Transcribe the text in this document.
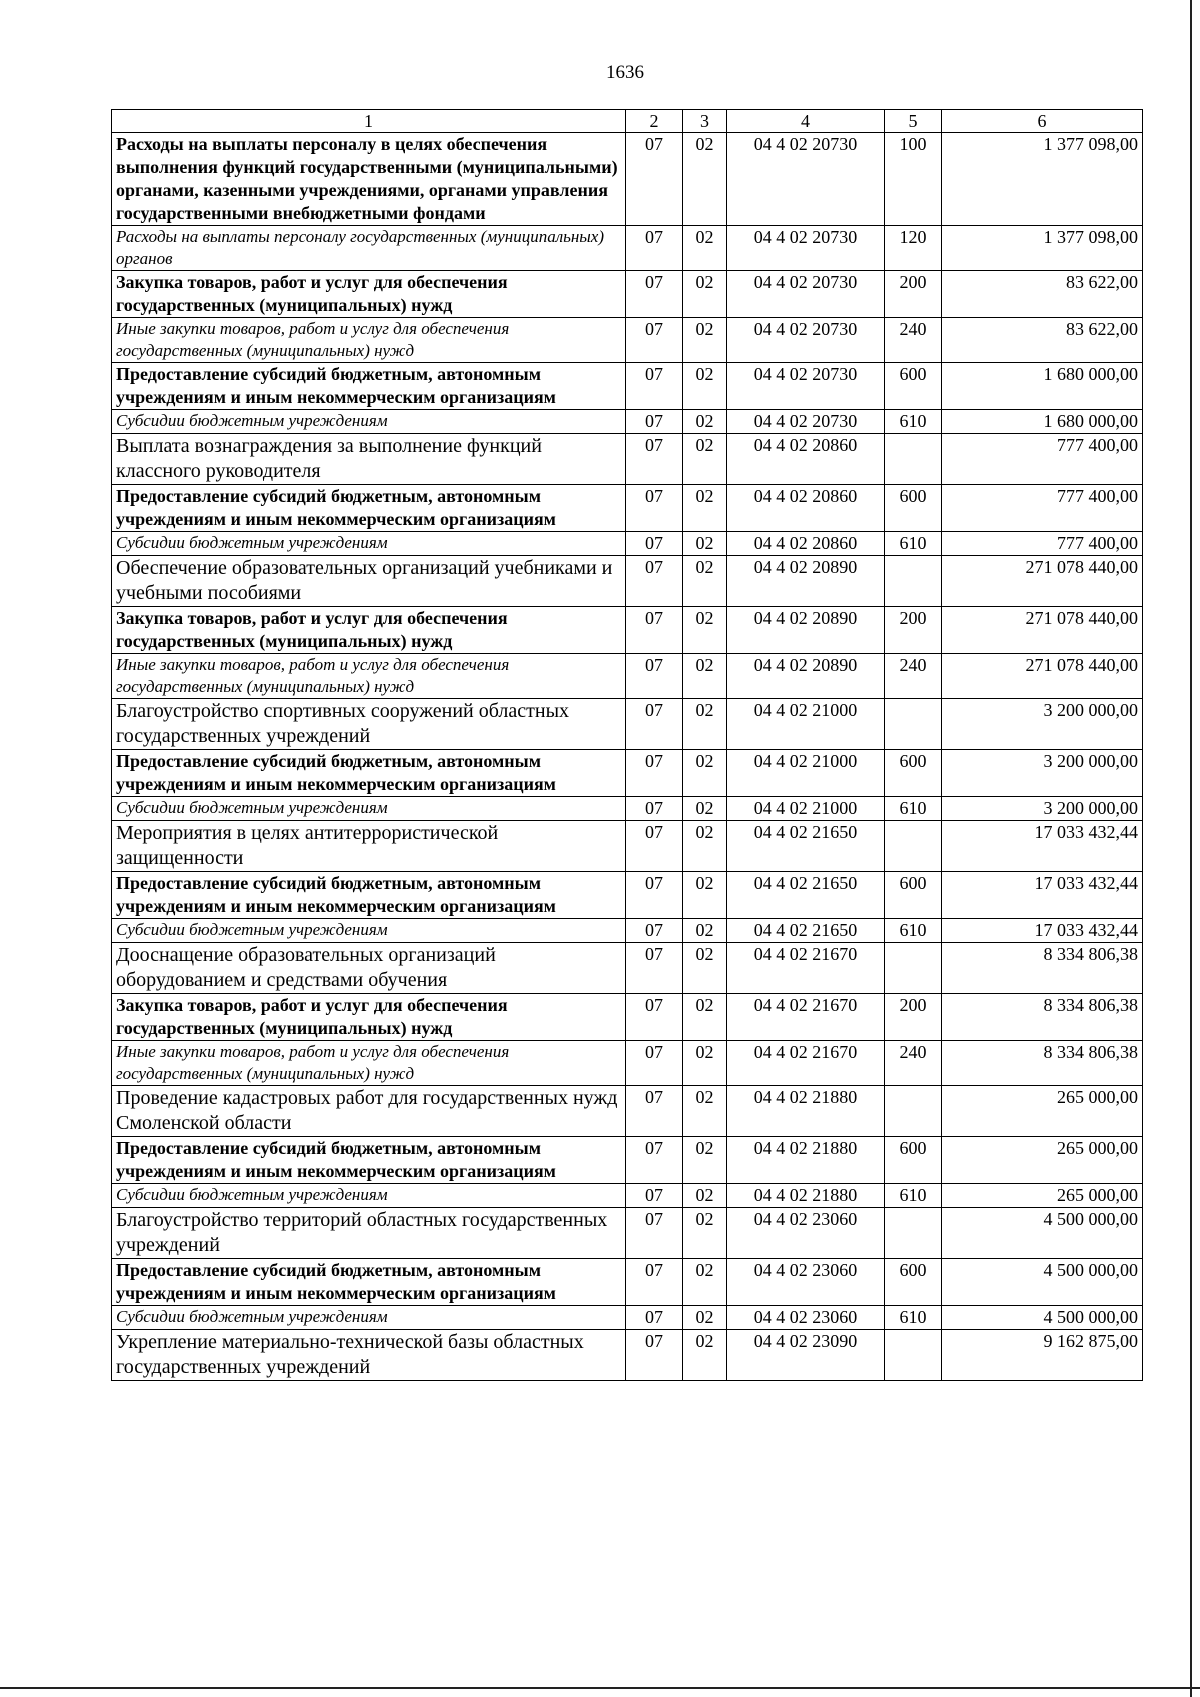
1636
1	2	3	4	5	6
Расходы на выплаты персоналу в целях обеспечения выполнения функций государственными (муниципальными) органами, казенными учреждениями, органами управления государственными внебюджетными фондами	07	02	04 4 02 20730	100	1 377 098,00
Расходы на выплаты персоналу государственных (муниципальных) органов	07	02	04 4 02 20730	120	1 377 098,00
Закупка товаров, работ и услуг для обеспечения государственных (муниципальных) нужд	07	02	04 4 02 20730	200	83 622,00
Иные закупки товаров, работ и услуг для обеспечения государственных (муниципальных) нужд	07	02	04 4 02 20730	240	83 622,00
Предоставление субсидий бюджетным, автономным учреждениям и иным некоммерческим организациям	07	02	04 4 02 20730	600	1 680 000,00
Субсидии бюджетным учреждениям	07	02	04 4 02 20730	610	1 680 000,00
Выплата вознаграждения за выполнение функций классного руководителя	07	02	04 4 02 20860		777 400,00
Предоставление субсидий бюджетным, автономным учреждениям и иным некоммерческим организациям	07	02	04 4 02 20860	600	777 400,00
Субсидии бюджетным учреждениям	07	02	04 4 02 20860	610	777 400,00
Обеспечение образовательных организаций учебниками и учебными пособиями	07	02	04 4 02 20890		271 078 440,00
Закупка товаров, работ и услуг для обеспечения государственных (муниципальных) нужд	07	02	04 4 02 20890	200	271 078 440,00
Иные закупки товаров, работ и услуг для обеспечения государственных (муниципальных) нужд	07	02	04 4 02 20890	240	271 078 440,00
Благоустройство спортивных сооружений областных государственных учреждений	07	02	04 4 02 21000		3 200 000,00
Предоставление субсидий бюджетным, автономным учреждениям и иным некоммерческим организациям	07	02	04 4 02 21000	600	3 200 000,00
Субсидии бюджетным учреждениям	07	02	04 4 02 21000	610	3 200 000,00
Мероприятия в целях антитеррористической защищенности	07	02	04 4 02 21650		17 033 432,44
Предоставление субсидий бюджетным, автономным учреждениям и иным некоммерческим организациям	07	02	04 4 02 21650	600	17 033 432,44
Субсидии бюджетным учреждениям	07	02	04 4 02 21650	610	17 033 432,44
Дооснащение образовательных организаций оборудованием и средствами обучения	07	02	04 4 02 21670		8 334 806,38
Закупка товаров, работ и услуг для обеспечения государственных (муниципальных) нужд	07	02	04 4 02 21670	200	8 334 806,38
Иные закупки товаров, работ и услуг для обеспечения государственных (муниципальных) нужд	07	02	04 4 02 21670	240	8 334 806,38
Проведение кадастровых работ для государственных нужд Смоленской области	07	02	04 4 02 21880		265 000,00
Предоставление субсидий бюджетным, автономным учреждениям и иным некоммерческим организациям	07	02	04 4 02 21880	600	265 000,00
Субсидии бюджетным учреждениям	07	02	04 4 02 21880	610	265 000,00
Благоустройство территорий областных государственных учреждений	07	02	04 4 02 23060		4 500 000,00
Предоставление субсидий бюджетным, автономным учреждениям и иным некоммерческим организациям	07	02	04 4 02 23060	600	4 500 000,00
Субсидии бюджетным учреждениям	07	02	04 4 02 23060	610	4 500 000,00
Укрепление материально-технической базы областных государственных учреждений	07	02	04 4 02 23090		9 162 875,00
